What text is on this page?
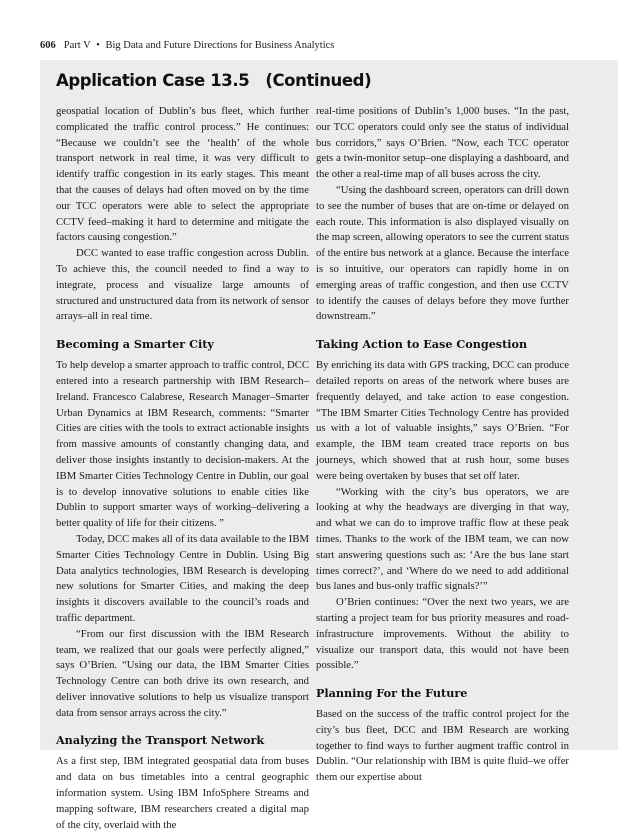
606 Part V • Big Data and Future Directions for Business Analytics
Application Case 13.5 (Continued)

geospatial location of Dublin’s bus fleet, which further complicated the traffic control process.” He continues: “Because we couldn’t see the ‘health’ of the whole transport network in real time, it was very difficult to identify traffic congestion in its early stages. This meant that the causes of delays had often moved on by the time our TCC operators were able to select the appropriate CCTV feed–making it hard to determine and mitigate the factors causing congestion.”

DCC wanted to ease traffic congestion across Dublin. To achieve this, the council needed to find a way to integrate, process and visualize large amounts of structured and unstructured data from its network of sensor arrays–all in real time.

Becoming a Smarter City

To help develop a smarter approach to traffic control, DCC entered into a research partnership with IBM Research–Ireland. Francesco Calabrese, Research Manager–Smarter Urban Dynamics at IBM Research, comments: “Smarter Cities are cities with the tools to extract actionable insights from massive amounts of constantly changing data, and deliver those insights instantly to decision-makers. At the IBM Smarter Cities Technology Centre in Dublin, our goal is to develop innovative solutions to enable cities like Dublin to support smarter ways of working–delivering a better quality of life for their citizens. ”

Today, DCC makes all of its data available to the IBM Smarter Cities Technology Centre in Dublin. Using Big Data analytics technologies, IBM Research is developing new solutions for Smarter Cities, and making the deep insights it discovers available to the council’s roads and traffic department.

“From our first discussion with the IBM Research team, we realized that our goals were perfectly aligned,” says O’Brien. “Using our data, the IBM Smarter Cities Technology Centre can both drive its own research, and deliver innovative solutions to help us visualize transport data from sensor arrays across the city.”

Analyzing the Transport Network

As a first step, IBM integrated geospatial data from buses and data on bus timetables into a central geographic information system. Using IBM InfoSphere Streams and mapping software, IBM researchers created a digital map of the city, overlaid with the

real-time positions of Dublin’s 1,000 buses. “In the past, our TCC operators could only see the status of individual bus corridors,” says O’Brien. “Now, each TCC operator gets a twin-monitor setup–one displaying a dashboard, and the other a real-time map of all buses across the city.

“Using the dashboard screen, operators can drill down to see the number of buses that are on-time or delayed on each route. This information is also displayed visually on the map screen, allowing operators to see the current status of the entire bus network at a glance. Because the interface is so intuitive, our operators can rapidly home in on emerging areas of traffic congestion, and then use CCTV to identify the causes of delays before they move further downstream.”

Taking Action to Ease Congestion

By enriching its data with GPS tracking, DCC can produce detailed reports on areas of the network where buses are frequently delayed, and take action to ease congestion. “The IBM Smarter Cities Technology Centre has provided us with a lot of valuable insights,” says O’Brien. “For example, the IBM team created trace reports on bus journeys, which showed that at rush hour, some buses were being overtaken by buses that set off later.

“Working with the city’s bus operators, we are looking at why the headways are diverging in that way, and what we can do to improve traffic flow at these peak times. Thanks to the work of the IBM team, we can now start answering questions such as: ‘Are the bus lane start times correct?’, and ‘Where do we need to add additional bus lanes and bus-only traffic signals?’”

O’Brien continues: “Over the next two years, we are starting a project team for bus priority measures and road-infrastructure improvements. Without the ability to visualize our transport data, this would not have been possible.”

Planning For the Future

Based on the success of the traffic control project for the city’s bus fleet, DCC and IBM Research are working together to find ways to further augment traffic control in Dublin. “Our relationship with IBM is quite fluid–we offer them our expertise about
